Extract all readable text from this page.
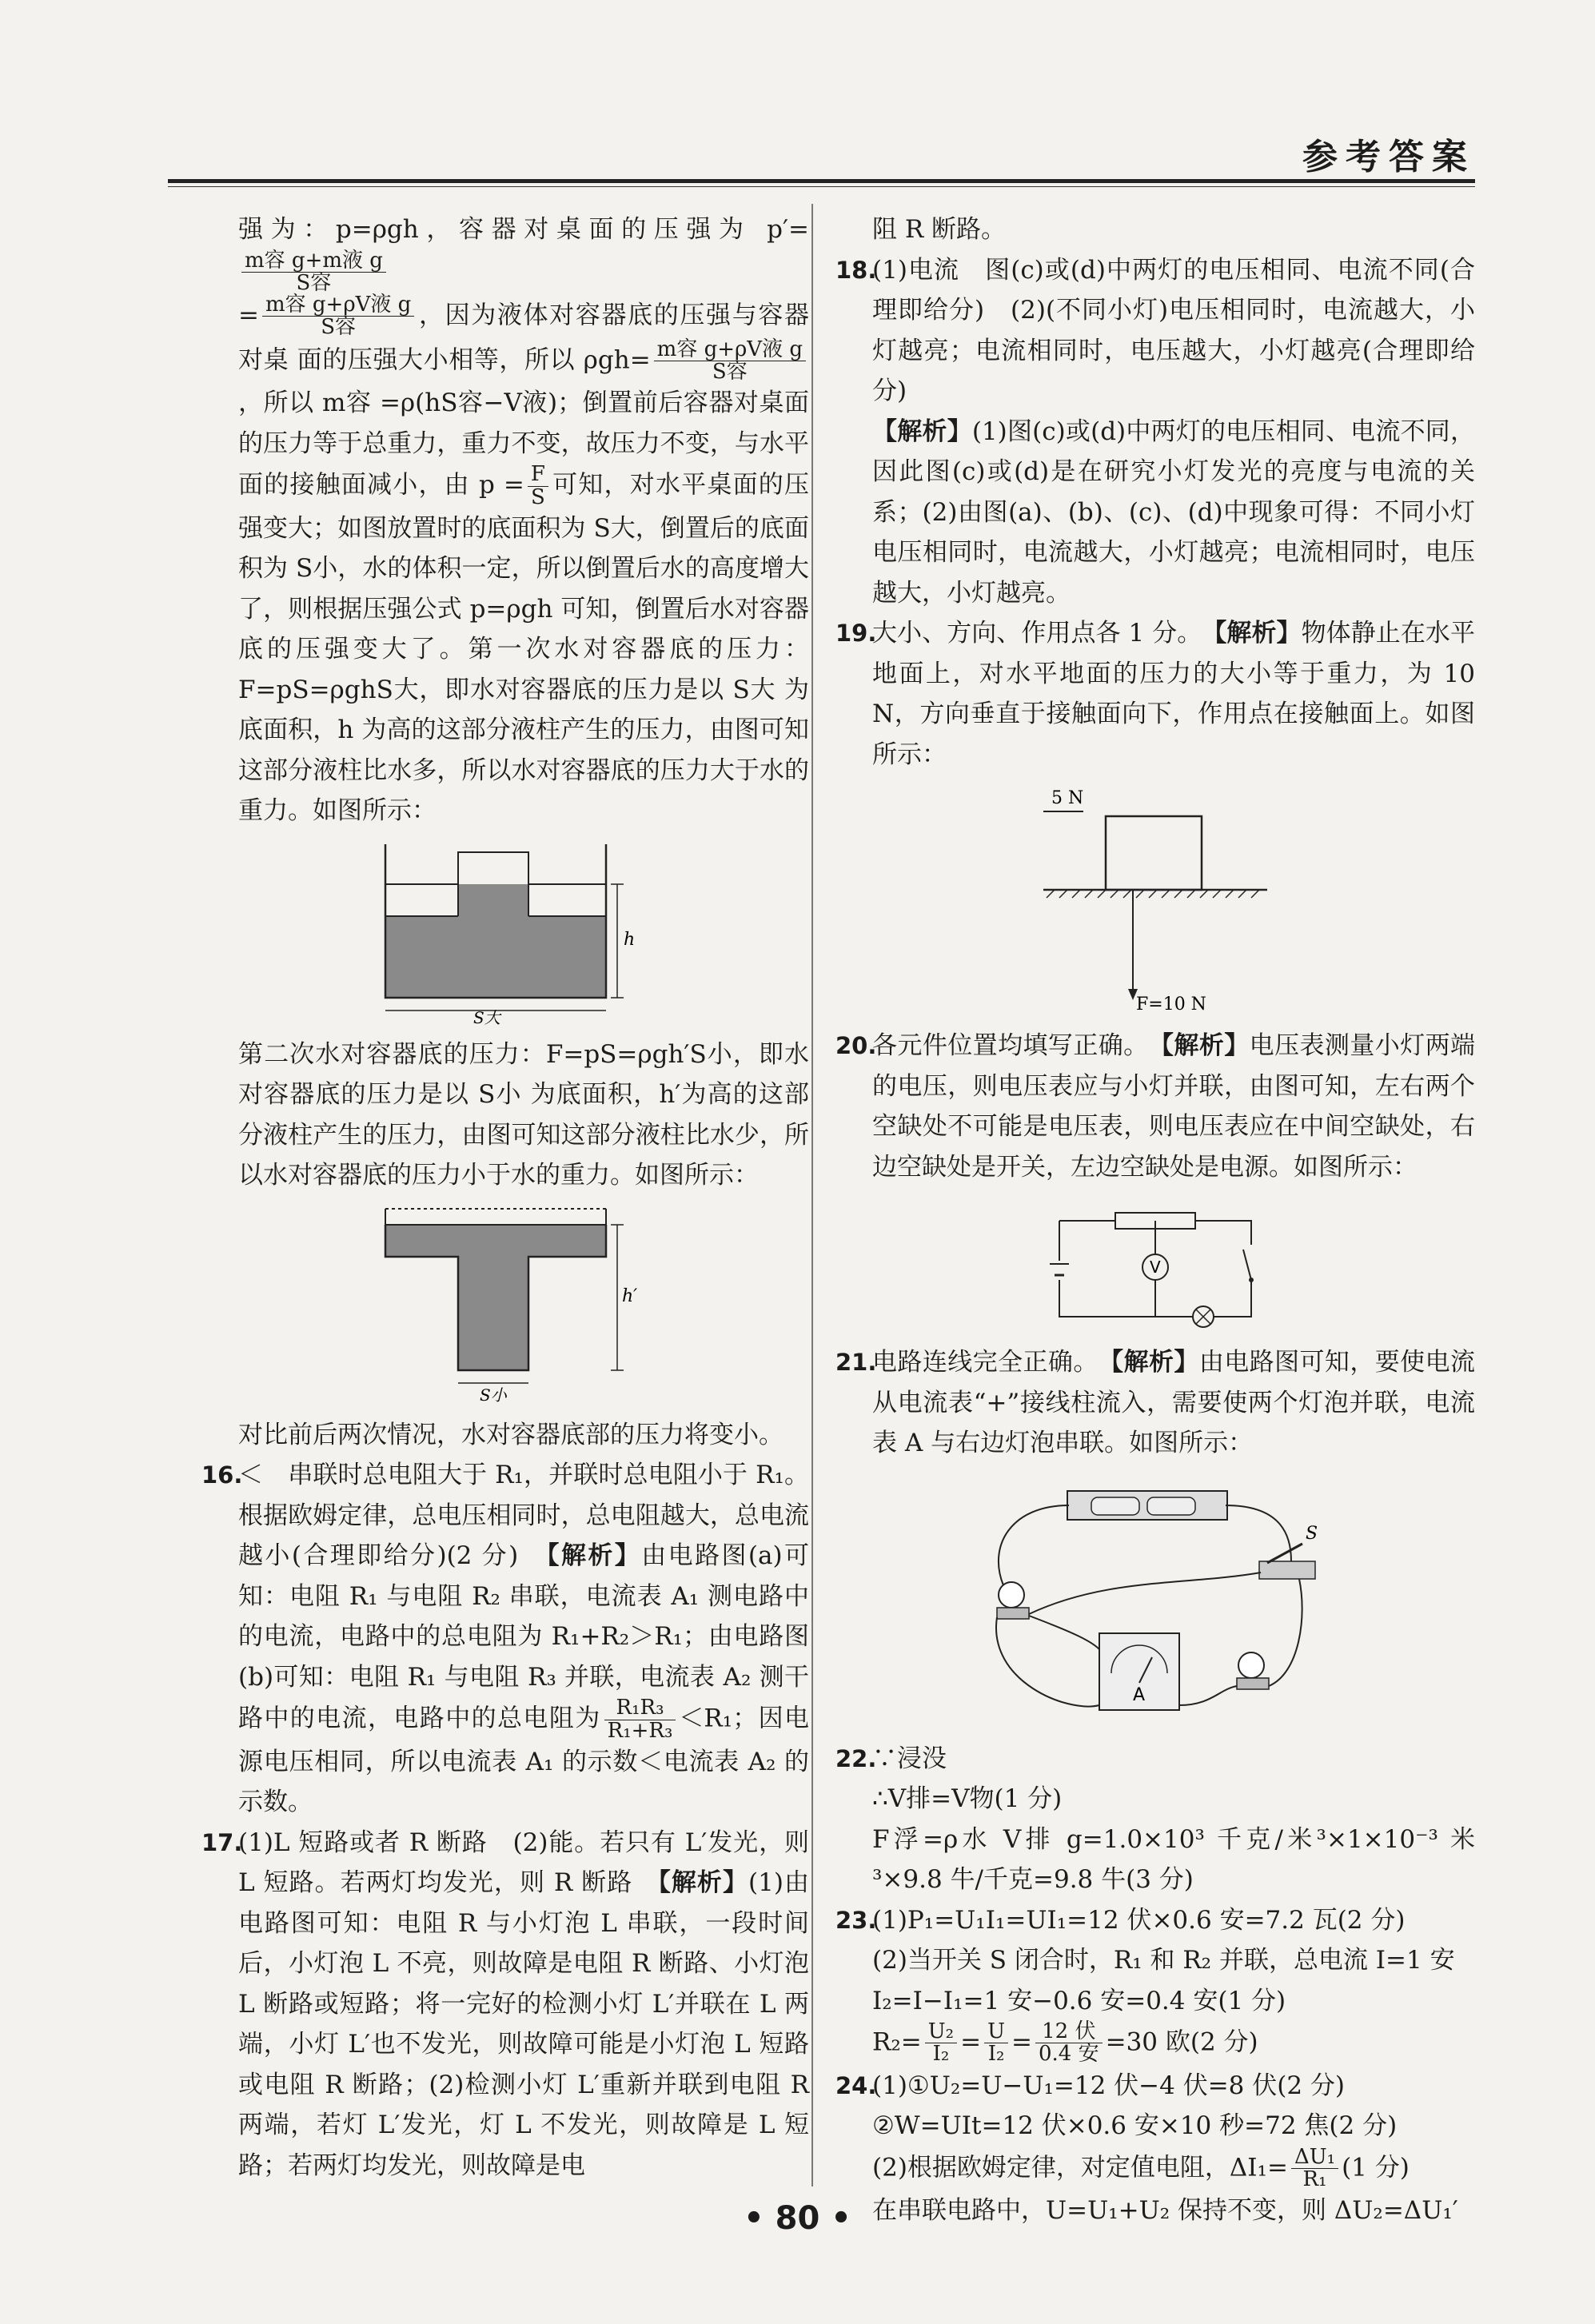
参考答案

强为：p=ρgh，容器对桌面的压强为 p′=
$\frac{\text{m容 g+m液 g}}{\text{S容}}$

= $\frac{\text{m容 g+ρV液 g}}{\text{S容}}$ ，因为液体对容器底的压强与容器对桌 面的压强大小相等，所以 $\rho gh= \frac{\text{m容 g+ρV液 g}}{\text{S容}}$
，所以 m容 =ρ(hS容−V液)；倒置前后容器对桌面的压力等于总重力，重力不变，故压力不变，与水平面的接触面减小，由 $p = \frac{F}{S}$ 可知，对水平桌面的压强变大；如图放置时的底面积为 S大，倒置后的底面积为 S小，水的体积一定，所以倒置后水的高度增大了，则根据压强公式 p=ρgh 可知，倒置后水对容器底的压强变大了。第一次水对容器底的压力：F=pS=ρghS大，即水对容器底的压力是以 S大 为底面积，h 为高的这部分液柱产生的压力，由图可知这部分液柱比水多，所以水对容器底的压力大于水的重力。如图所示：

h
S大

第二次水对容器底的压力：F=pS=ρgh′S小，即水对容器底的压力是以 S小 为底面积，h′为高的这部分液柱产生的压力，由图可知这部分液柱比水少，所以水对容器底的压力小于水的重力。如图所示：

h′
S小

对比前后两次情况，水对容器底部的压力将变小。

16.
＜　串联时总电阻大于 R₁，并联时总电阻小于 R₁。根据欧姆定律，总电压相同时，总电阻越大，总电流越小(合理即给分)(2 分)　【解析】由电路图(a)可知：电阻 R₁ 与电阻 R₂ 串联，电流表 A₁ 测电路中的电流，电路中的总电阻为 R₁+R₂＞R₁；由电路图(b)可知：电阻 R₁ 与电阻 R₃ 并联，电流表 A₂ 测干路中的电流，电路中的总电阻为 $\frac{\text{R₁R₃}}{\text{R₁+R₃}} <R_1$；因电源电压相同，所以电流表 A₁ 的示数＜电流表 A₂ 的示数。
17.
(1)L 短路或者 R 断路　(2)能。若只有 L′发光，则 L 短路。若两灯均发光，则 R 断路　【解析】(1)由电路图可知：电阻 R 与小灯泡 L 串联，一段时间后，小灯泡 L 不亮，则故障是电阻 R 断路、小灯泡 L 断路或短路；将一完好的检测小灯 L′并联在 L 两端，小灯 L′也不发光，则故障可能是小灯泡 L 短路或电阻 R 断路；(2)检测小灯 L′重新并联到电阻 R 两端，若灯 L′发光，灯 L 不发光，则故障是 L 短路；若两灯均发光，则故障是电

阻 R 断路。

18.
(1)电流　图(c)或(d)中两灯的电压相同、电流不同(合理即给分)　(2)(不同小灯)电压相同时，电流越大，小灯越亮；电流相同时，电压越大，小灯越亮(合理即给分)
【解析】(1)图(c)或(d)中两灯的电压相同、电流不同，因此图(c)或(d)是在研究小灯发光的亮度与电流的关系；(2)由图(a)、(b)、(c)、(d)中现象可得：不同小灯电压相同时，电流越大，小灯越亮；电流相同时，电压越大，小灯越亮。
19.
大小、方向、作用点各 1 分。　【解析】物体静止在水平地面上，对水平地面的压力的大小等于重力，为 10 N，方向垂直于接触面向下，作用点在接触面上。如图所示：
5 N
F=10 N
20.
各元件位置均填写正确。　【解析】电压表测量小灯两端的电压，则电压表应与小灯并联，由图可知，左右两个空缺处不可能是电压表，则电压表应在中间空缺处，右边空缺处是开关，左边空缺处是电源。如图所示：
V
21.
电路连线完全正确。　【解析】由电路图可知，要使电流从电流表“+”接线柱流入，需要使两个灯泡并联，电流表 A 与右边灯泡串联。如图所示：
S
A
22.
∵浸没
∴V排=V物(1 分)
F浮=ρ水 V排 g=1.0×10³ 千克/米³×1×10⁻³ 米³×9.8 牛/千克=9.8 牛(3 分)
23.
(1)P₁=U₁I₁=UI₁=12 伏×0.6 安=7.2 瓦(2 分)
(2)当开关 S 闭合时，R₁ 和 R₂ 并联，总电流 I=1 安
I₂=I−I₁=1 安−0.6 安=0.4 安(1 分)
$R_2= \frac{\text{U₂}}{\text{I₂}} = \frac{U}{\text{I₂}} = \frac{\text{12 伏}}{\text{0.4 安}} =30$ 欧(2 分)
24.
(1)①U₂=U−U₁=12 伏−4 伏=8 伏(2 分)
②W=UIt=12 伏×0.6 安×10 秒=72 焦(2 分)
(2)根据欧姆定律，对定值电阻，$\Delta I_1= \frac{\text{ΔU₁}}{\text{R₁}} (1$ 分)
在串联电路中，U=U₁+U₂ 保持不变，则 ΔU₂=ΔU₁′
• 80 •
